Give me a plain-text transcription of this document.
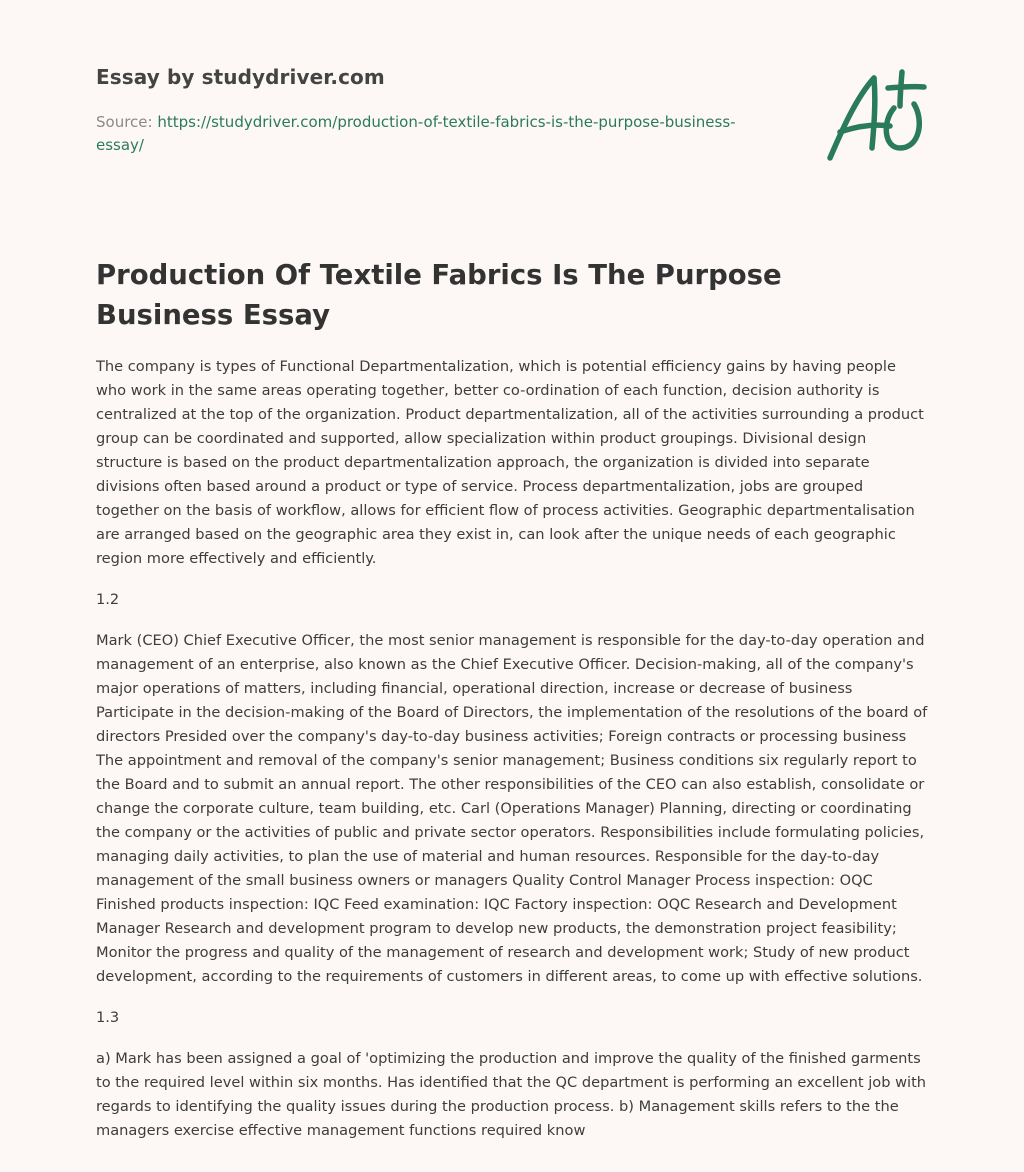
Essay by studydriver.com
Source: https://studydriver.com/production-of-textile-fabrics-is-the-purpose-business-essay/
Production Of Textile Fabrics Is The Purpose Business Essay

The company is types of Functional Departmentalization, which is potential efficiency gains by having people who work in the same areas operating together, better co-ordination of each function, decision authority is centralized at the top of the organization. Product departmentalization, all of the activities surrounding a product group can be coordinated and supported, allow specialization within product groupings. Divisional design structure is based on the product departmentalization approach, the organization is divided into separate divisions often based around a product or type of service. Process departmentalization, jobs are grouped together on the basis of workflow, allows for efficient flow of process activities. Geographic departmentalisation are arranged based on the geographic area they exist in, can look after the unique needs of each geographic region more effectively and efficiently.

1.2

Mark (CEO) Chief Executive Officer, the most senior management is responsible for the day-to-day operation and management of an enterprise, also known as the Chief Executive Officer. Decision-making, all of the company's major operations of matters, including financial, operational direction, increase or decrease of business Participate in the decision-making of the Board of Directors, the implementation of the resolutions of the board of directors Presided over the company's day-to-day business activities; Foreign contracts or processing business The appointment and removal of the company's senior management; Business conditions six regularly report to the Board and to submit an annual report. The other responsibilities of the CEO can also establish, consolidate or change the corporate culture, team building, etc. Carl (Operations Manager) Planning, directing or coordinating the company or the activities of public and private sector operators. Responsibilities include formulating policies, managing daily activities, to plan the use of material and human resources. Responsible for the day-to-day management of the small business owners or managers Quality Control Manager Process inspection: OQC Finished products inspection: IQC Feed examination: IQC Factory inspection: OQC Research and Development Manager Research and development program to develop new products, the demonstration project feasibility; Monitor the progress and quality of the management of research and development work; Study of new product development, according to the requirements of customers in different areas, to come up with effective solutions.

1.3

a) Mark has been assigned a goal of 'optimizing the production and improve the quality of the finished garments to the required level within six months. Has identified that the QC department is performing an excellent job with regards to identifying the quality issues during the production process. b) Management skills refers to the the managers exercise effective management functions required know
